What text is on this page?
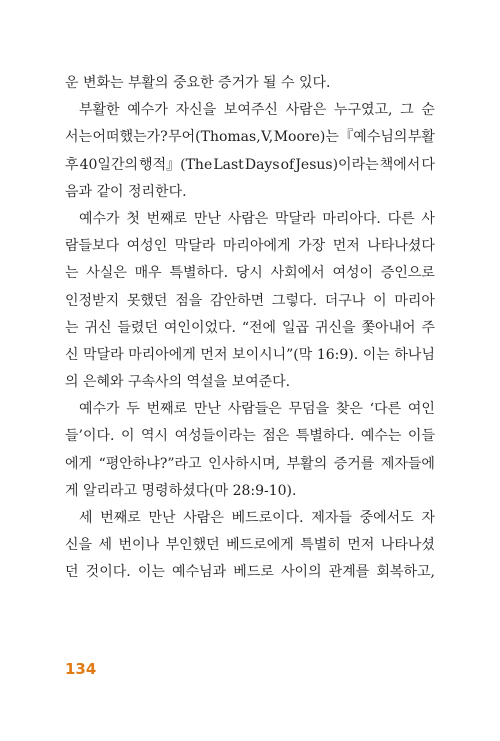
운 변화는 부활의 중요한 증거가 될 수 있다.
부활한 예수가 자신을 보여주신 사람은 누구였고, 그 순
서는 어떠했는가? 무어(Thomas, V, Moore)는 『예수님의 부활
후 40일간의 행적』(The Last Days of Jesus)이라는 책에서 다
음과 같이 정리한다.
예수가 첫 번째로 만난 사람은 막달라 마리아다. 다른 사
람들보다 여성인 막달라 마리아에게 가장 먼저 나타나셨다
는 사실은 매우 특별하다. 당시 사회에서 여성이 증인으로
인정받지 못했던 점을 감안하면 그렇다. 더구나 이 마리아
는 귀신 들렸던 여인이었다. “전에 일곱 귀신을 쫓아내어 주
신 막달라 마리아에게 먼저 보이시니”(막 16:9). 이는 하나님
의 은혜와 구속사의 역설을 보여준다.
예수가 두 번째로 만난 사람들은 무덤을 찾은 ‘다른 여인
들’이다. 이 역시 여성들이라는 점은 특별하다. 예수는 이들
에게 “평안하냐?”라고 인사하시며, 부활의 증거를 제자들에
게 알리라고 명령하셨다(마 28:9-10).
세 번째로 만난 사람은 베드로이다. 제자들 중에서도 자
신을 세 번이나 부인했던 베드로에게 특별히 먼저 나타나셨
던 것이다. 이는 예수님과 베드로 사이의 관계를 회복하고,
134
